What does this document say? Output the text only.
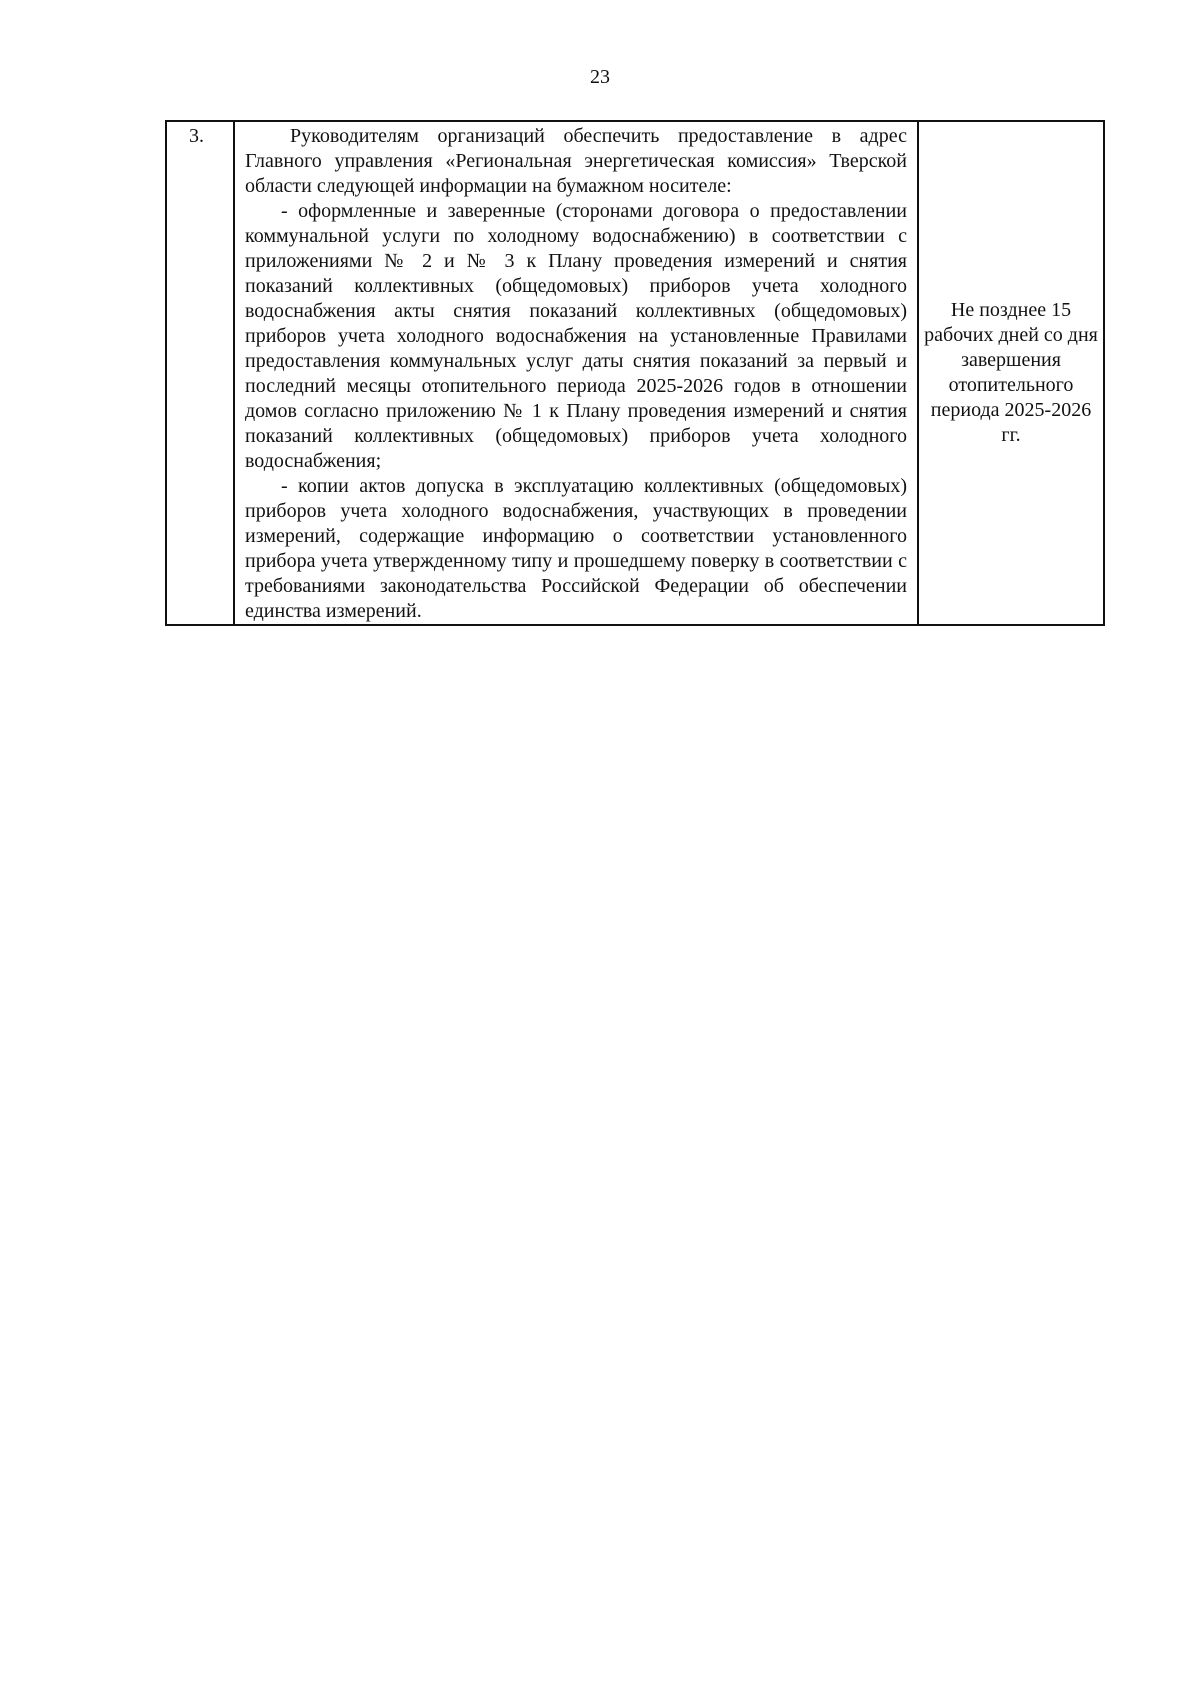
23
3.	Руководителям организаций обеспечить предоставление в адрес Главного управления «Региональная энергетическая комиссия» Тверской области следующей информации на бумажном носителе:

- оформленные и заверенные (сторонами договора о предоставлении коммунальной услуги по холодному водоснабжению) в соответствии с приложениями № 2 и № 3 к Плану проведения измерений и снятия показаний коллективных (общедомовых) приборов учета холодного водоснабжения акты снятия показаний коллективных (общедомовых) приборов учета холодного водоснабжения на установленные Правилами предоставления коммунальных услуг даты снятия показаний за первый и последний месяцы отопительного периода 2025-2026 годов в отношении домов согласно приложению № 1 к Плану проведения измерений и снятия показаний коллективных (общедомовых) приборов учета холодного водоснабжения;

- копии актов допуска в эксплуатацию коллективных (общедомовых) приборов учета холодного водоснабжения, участвующих в проведении измерений, содержащие информацию о соответствии установленного прибора учета утвержденному типу и прошедшему поверку в соответствии с требованиями законодательства Российской Федерации об обеспечении единства измерений.

	Не позднее 15 рабочих дней со дня завершения отопительного периода 2025-2026 гг.
